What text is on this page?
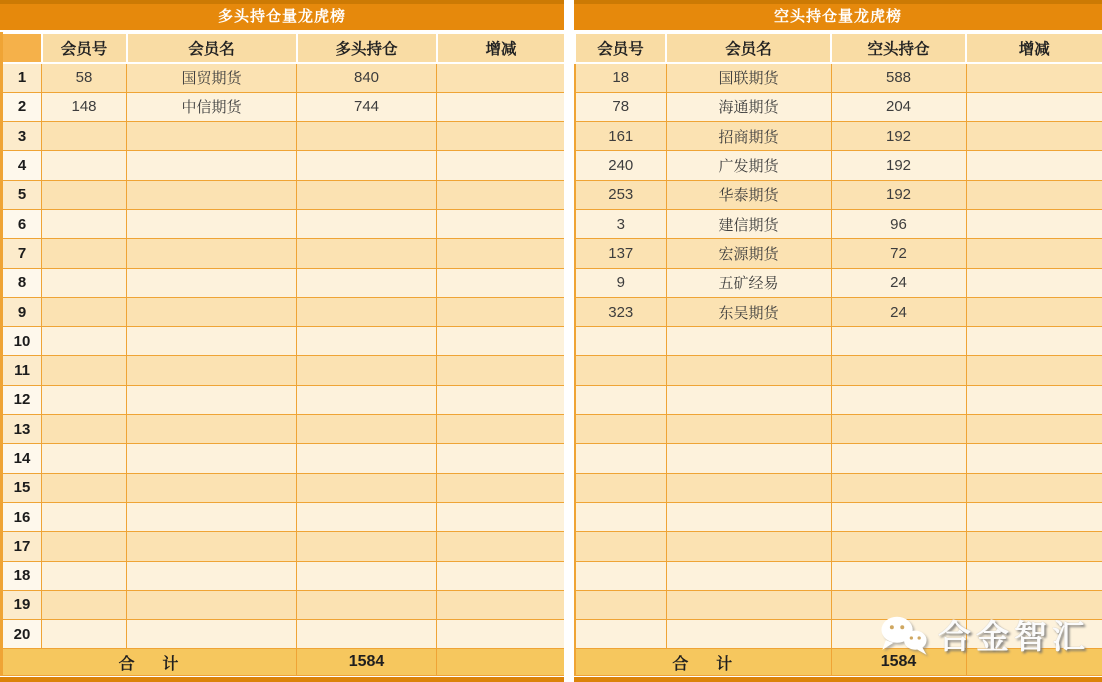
多头持仓量龙虎榜
	会员号	会员名	多头持仓	增减
1	58	国贸期货	840	
2	148	中信期货	744	
3				
4				
5				
6				
7				
8				
9				
10				
11				
12				
13				
14				
15				
16				
17				
18				
19				
20				
合    计			1584	
空头持仓量龙虎榜
会员号	会员名	空头持仓	增减
18	国联期货	588	
78	海通期货	204	
161	招商期货	192	
240	广发期货	192	
253	华泰期货	192	
3	建信期货	96	
137	宏源期货	72	
9	五矿经易	24	
323	东吴期货	24	

合    计		1584	
合金智汇
